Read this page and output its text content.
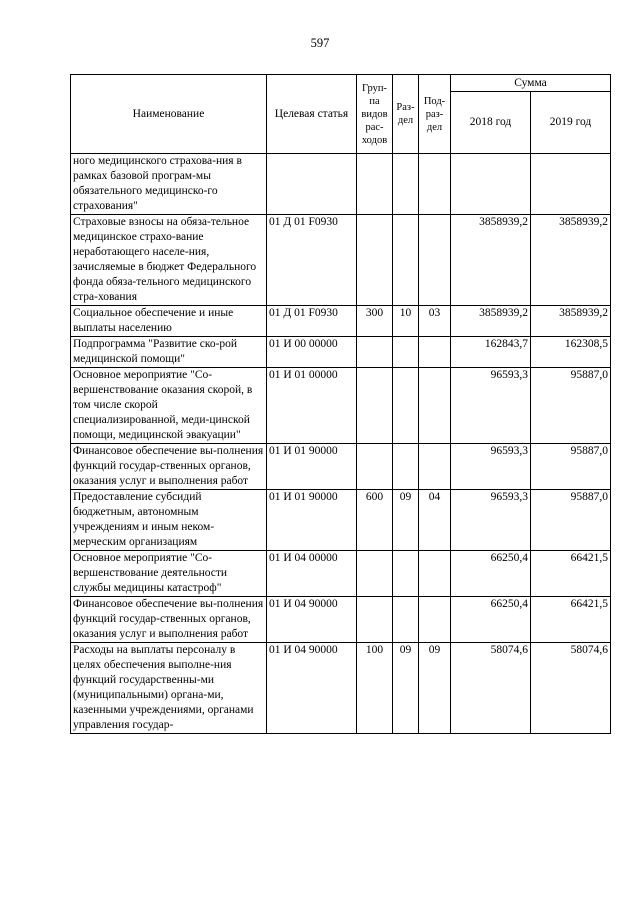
597
Наименование	Целевая статья	Груп-па видов рас-ходов	Раз-дел	Под-раз-дел	Сумма	
					2018 год	2019 год
ного медицинского страхова-ния в рамках базовой програм-мы обязательного медицинско-го страхования"						
Страховые взносы на обяза-тельное медицинское страхо-вание неработающего населе-ния, зачисляемые в бюджет Федерального фонда обяза-тельного медицинского стра-хования	01 Д 01 F0930				3858939,2	3858939,2
Социальное обеспечение и иные выплаты населению	01 Д 01 F0930	300	10	03	3858939,2	3858939,2
Подпрограмма "Развитие ско-рой медицинской помощи"	01 И 00 00000				162843,7	162308,5
Основное мероприятие "Со-вершенствование оказания скорой, в том числе скорой специализированной, меди-цинской помощи, медицинской эвакуации"	01 И 01 00000				96593,3	95887,0
Финансовое обеспечение вы-полнения функций государ-ственных органов, оказания услуг и выполнения работ	01 И 01 90000				96593,3	95887,0
Предоставление субсидий бюджетным, автономным учреждениям и иным неком-мерческим организациям	01 И 01 90000	600	09	04	96593,3	95887,0
Основное мероприятие "Со-вершенствование деятельности службы медицины катастроф"	01 И 04 00000				66250,4	66421,5
Финансовое обеспечение вы-полнения функций государ-ственных органов, оказания услуг и выполнения работ	01 И 04 90000				66250,4	66421,5
Расходы на выплаты персоналу в целях обеспечения выполне-ния функций государственны-ми (муниципальными) органа-ми, казенными учреждениями, органами управления государ-	01 И 04 90000	100	09	09	58074,6	58074,6
